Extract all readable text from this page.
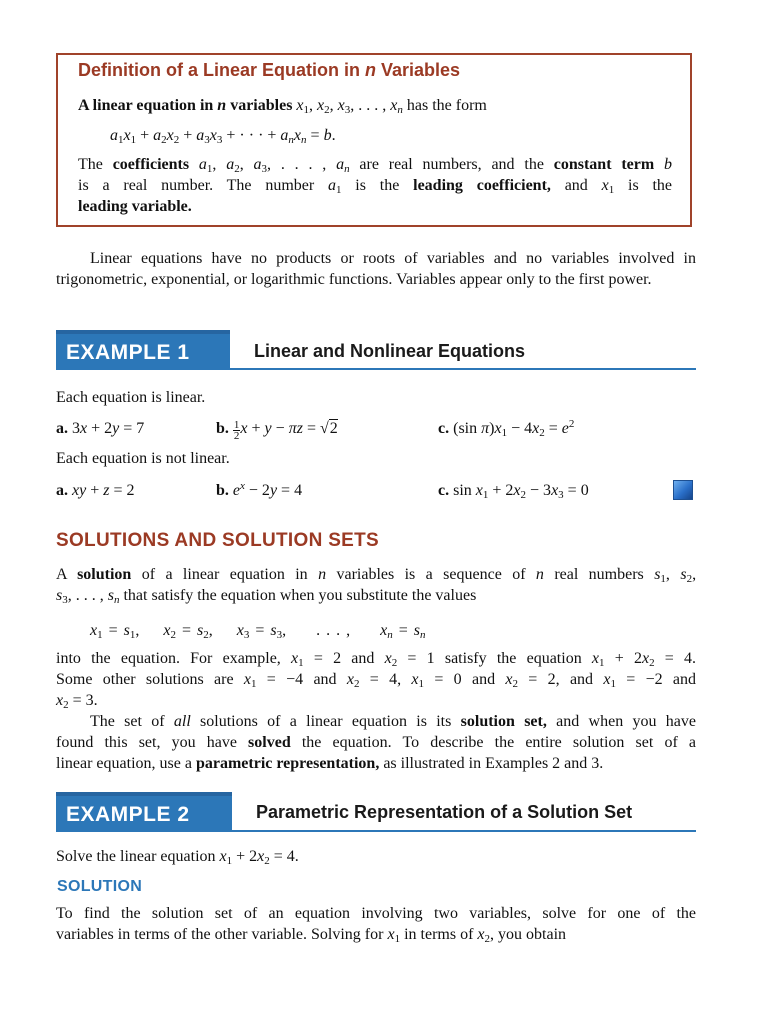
Definition of a Linear Equation in n Variables
A linear equation in n variables $x_1$, $x_2$, $x_3$, . . . , $x_n$ has the form
$a_1x_1 + a_2x_2 + a_3x_3$ + · · · + $a_nx_n = b$.
The coefficients $a_1$, $a_2$, $a_3$, . . . , $a_n$ are real numbers, and the constant term b
is a real number. The number $a_1$ is the leading coefficient, and $x_1$ is the
leading variable.
Linear equations have no products or roots of variables and no variables involved in trigonometric, exponential, or logarithmic functions. Variables appear only to the first power.
EXAMPLE 1	Linear and Nonlinear Equations
Each equation is linear.
a. 3x + 2y = 7	b. $\frac{1}{2}$ x + y − πz = √2	c. (sin $\pi)x_1 - 4x_2 = e^2$
Each equation is not linear.
a. xy + z = 2	b. $e^x - 2y = 4$	c. $\sin x_1 + 2x_2 - 3x_3 = 0$
SOLUTIONS AND SOLUTION SETS
A solution of a linear equation in n variables is a sequence of n real numbers $s_1$, $s_2$,
$s_3$, . . . , $s_n$ that satisfy the equation when you substitute the values
$x_1 = s_1$,    $x_2 = s_2$,    $x_3 = s_3$,     . . . ,     $x_n = s_n$
into the equation. For example, $x_1 = 2$ and $x_2 = 1$ satisfy the equation $x_1 + 2x_2 = 4$.
Some other solutions are $x_1 = -4$ and $x_2 = 4$, $x_1 = 0$ and $x_2 = 2$, and $x_1 = -2$ and
$x_2 = 3$.
The set of all solutions of a linear equation is its solution set, and when you have
found this set, you have solved the equation. To describe the entire solution set of a
linear equation, use a parametric representation, as illustrated in Examples 2 and 3.
EXAMPLE 2	Parametric Representation of a Solution Set
Solve the linear equation $x_1 + 2x_2 = 4$.
SOLUTION
To find the solution set of an equation involving two variables, solve for one of the
variables in terms of the other variable. Solving for $x_1$ in terms of $x_2$, you obtain
